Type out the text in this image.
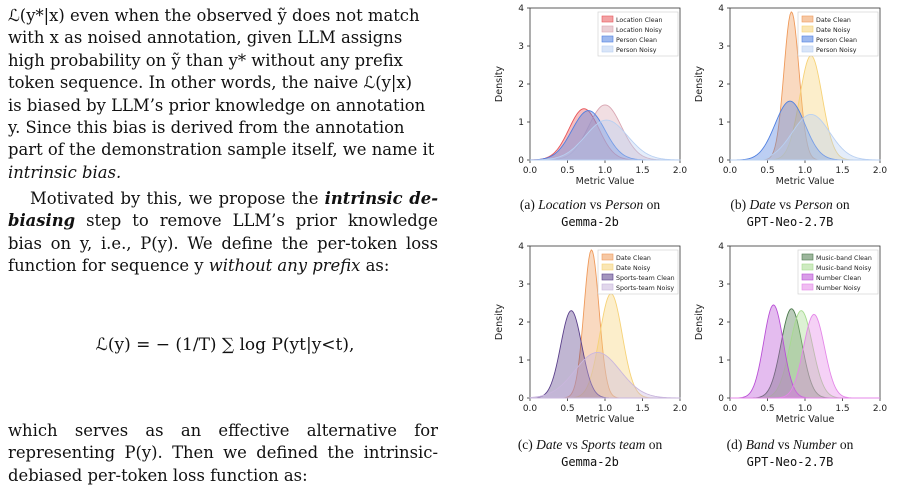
ℒ(y*|x) even when the observed ỹ does not match

with x as noised annotation, given LLM assigns

high probability on ỹ than y* without any prefix

token sequence. In other words, the naive ℒ(y|x)

is biased by LLM’s prior knowledge on annotation

y. Since this bias is derived from the annotation

part of the demonstration sample itself, we name it

intrinsic bias.

Motivated by this, we propose the intrinsic de-biasing step to remove LLM’s prior knowledge bias on y, i.e., P(y). We define the per-token loss function for sequence y without any prefix as:
ℒ(y) = − (1/T) ∑ log P(yt|y<t),
which serves as an effective alternative for representing P(y). Then we defined the intrinsic-debiased per-token loss function as:
0.0	0.5	1.0	1.5	2.0
0
1
2
3
4
Metric Value
Density
Location Clean
Location Noisy
Person Clean
Person Noisy
0.0	0.5	1.0	1.5	2.0
0
1
2
3
4
Metric Value
Density
Date Clean
Date Noisy
Person Clean
Person Noisy
0.0	0.5	1.0	1.5	2.0
0
1
2
3
4
Metric Value
Density
Date Clean
Date Noisy
Sports-team Clean
Sports-team Noisy
0.0	0.5	1.0	1.5	2.0
0
1
2
3
4
Metric Value
Density
Music-band Clean
Music-band Noisy
Number Clean
Number Noisy
(a) Location vs Person on
Gemma-2b
(b) Date vs Person on
GPT-Neo-2.7B
(c) Date vs Sports team on
Gemma-2b
(d) Band vs Number on
GPT-Neo-2.7B
